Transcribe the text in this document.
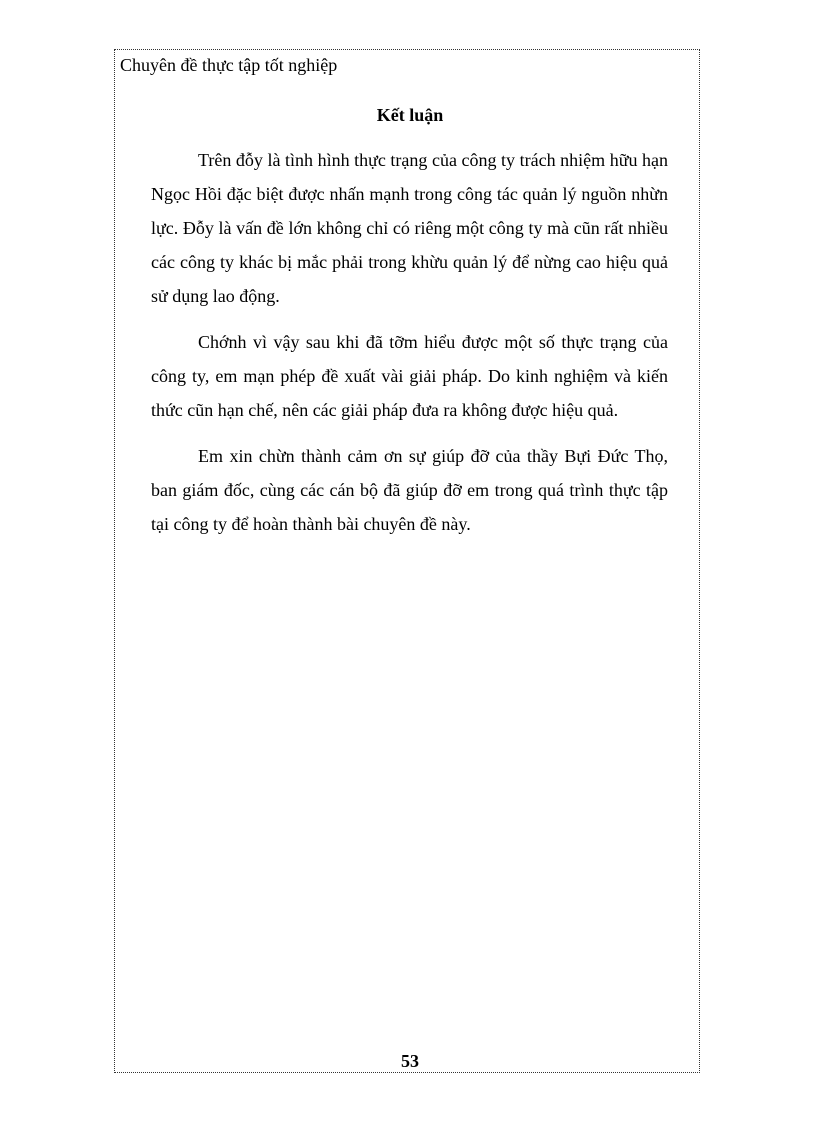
Chuyên đề thực tập tốt nghiệp
Kết luận

Trên đỗy là tình hình thực trạng của công ty trách nhiệm hữu hạn Ngọc Hồi đặc biệt được nhấn mạnh trong công tác quản lý nguồn nhừn lực. Đỗy là vấn đề lớn không chỉ có riêng một công ty mà cũn rất nhiều các công ty khác bị mắc phải trong khừu quản lý để nừng cao hiệu quả sử dụng lao động.

Chớnh vì vậy sau khi đã tỡm hiểu được một số thực trạng của công ty, em mạn phép đề xuất vài giải pháp. Do kinh nghiệm và kiến thức cũn hạn chế, nên các giải pháp đưa ra không được hiệu quả.

Em xin chừn thành cảm ơn sự giúp đỡ của thầy Bựi Đức Thọ, ban giám đốc, cùng các cán bộ đã giúp đỡ em trong quá trình thực tập tại công ty để hoàn thành bài chuyên đề này.

53
